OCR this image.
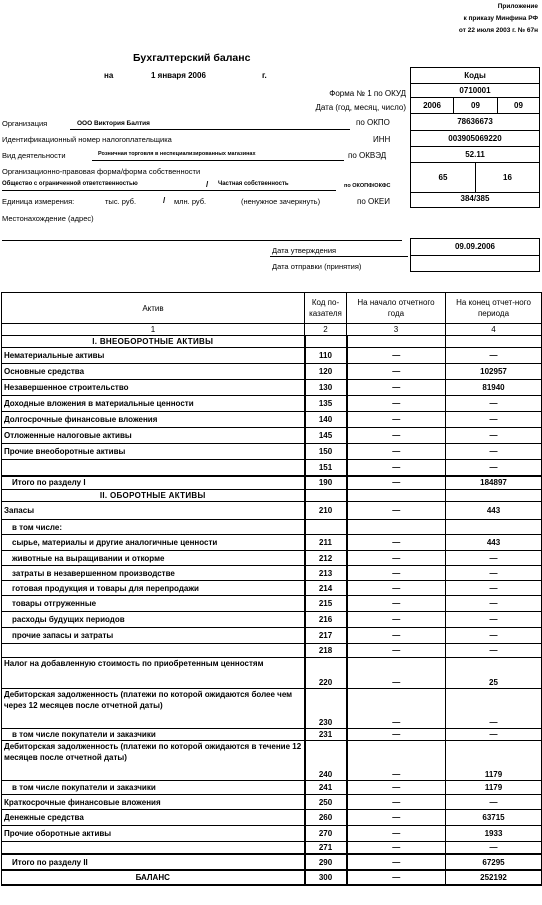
Приложение
к приказу Минфина РФ
от 22 июля 2003 г. № 67н
Бухгалтерский баланс
на	1 января 2006	г.
Форма № 1 по ОКУД
Дата (год, месяц, число)
Организация	ООО Виктория Балтия	по ОКПО
Идентификационный номер налогоплательщика	ИНН
Вид деятельности	Розничная торговля в неспециализированных магазинах	по ОКВЭД
Организационно-правовая форма/форма собственности
Общество с ограниченной ответственностью	/ Частная собственность	по ОКОПФ/ОКФС
Единица измерения:	тыс. руб.	/ млн. руб.	(ненужное зачеркнуть)	по ОКЕИ
Местонахождение (адрес)
Коды
0710001
2006	09	09
78636673
003905069220
52.11
65	16
384/385
Дата утверждения
Дата отправки (принятия)
09.09.2006
Актив	Код по-казателя	На начало отчетного года	На конец отчет-ного периода
1	2	3	4
I. ВНЕОБОРОТНЫЕ АКТИВЫ			
Нематериальные активы	110	—	—
Основные средства	120	—	102957
Незавершенное строительство	130	—	81940
Доходные вложения в материальные ценности	135	—	—
Долгосрочные финансовые вложения	140	—	—
Отложенные налоговые активы	145	—	—
Прочие внеоборотные активы	150	—	—
	151	—	—
Итого по разделу I	190	—	184897
II. ОБОРОТНЫЕ АКТИВЫ			
Запасы	210	—	443
в том числе:			
сырье, материалы и другие аналогичные ценности	211	—	443
животные на выращивании и откорме	212	—	—
затраты в незавершенном производстве	213	—	—
готовая продукция и товары для перепродажи	214	—	—
товары отгруженные	215	—	—
расходы будущих периодов	216	—	—
прочие запасы и затраты	217	—	—
	218	—	—
Налог на добавленную стоимость по приобретенным ценностям	220	—	25
Дебиторская задолженность (платежи по которой ожидаются более чем через 12 месяцев после отчетной даты)	230	—	—
в том числе покупатели и заказчики	231	—	—
Дебиторская задолженность (платежи по которой ожидаются в течение 12 месяцев после отчетной даты)	240	—	1179
в том числе покупатели и заказчики	241	—	1179
Краткосрочные финансовые вложения	250	—	—
Денежные средства	260	—	63715
Прочие оборотные активы	270	—	1933
	271	—	—
Итого по разделу II	290	—	67295
БАЛАНС	300	—	252192
